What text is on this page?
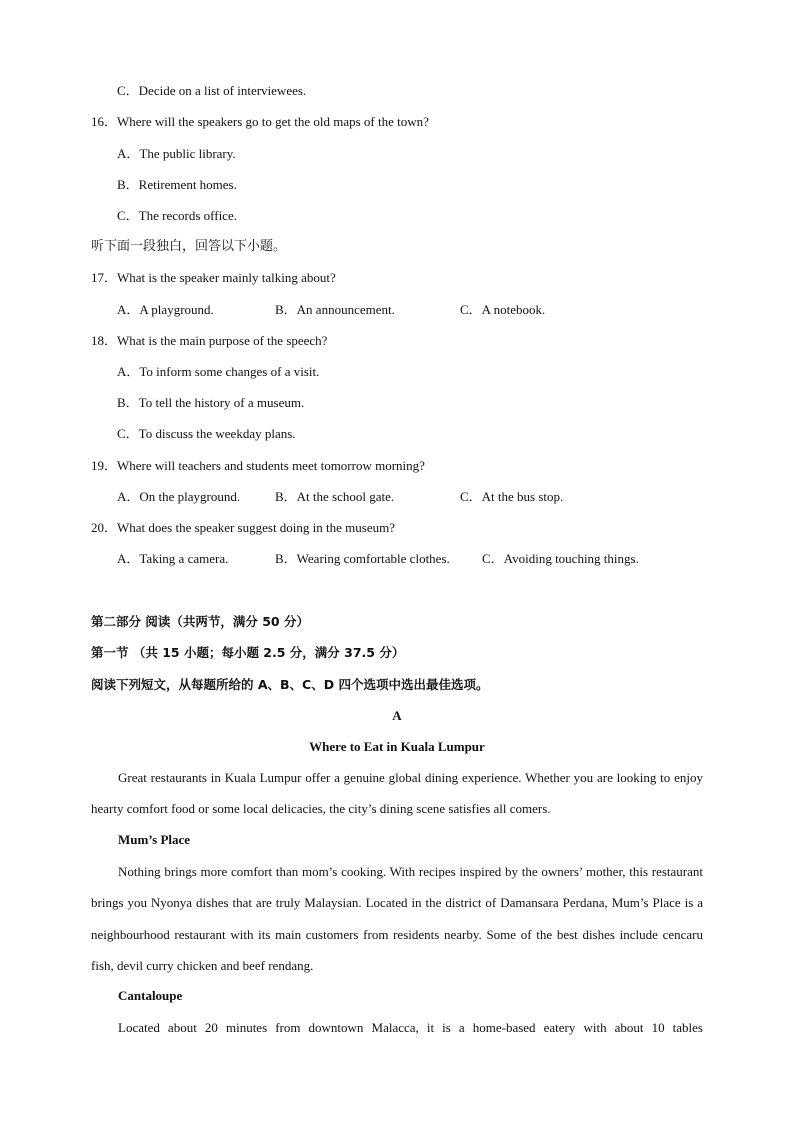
C．Decide on a list of interviewees.
16．Where will the speakers go to get the old maps of the town?
A．The public library.
B．Retirement homes.
C．The records office.
听下面一段独白，回答以下小题。
17．What is the speaker mainly talking about?
A．A playground.	B．An announcement.	C．A notebook.
18．What is the main purpose of the speech?
A．To inform some changes of a visit.
B．To tell the history of a museum.
C．To discuss the weekday plans.
19．Where will teachers and students meet tomorrow morning?
A．On the playground.	B．At the school gate.	C．At the bus stop.
20．What does the speaker suggest doing in the museum?
A．Taking a camera.	B．Wearing comfortable clothes. C．Avoiding touching things.
第二部分 阅读（共两节，满分 50 分）
第一节 （共 15 小题；每小题 2.5 分，满分 37.5 分）
阅读下列短文，从每题所给的 A、B、C、D 四个选项中选出最佳选项。
A
Where to Eat in Kuala Lumpur
Great restaurants in Kuala Lumpur offer a genuine global dining experience. Whether you are looking to enjoy hearty comfort food or some local delicacies, the city’s dining scene satisfies all comers.
Mum’s Place
Nothing brings more comfort than mom’s cooking. With recipes inspired by the owners’ mother, this restaurant brings you Nyonya dishes that are truly Malaysian. Located in the district of Damansara Perdana, Mum’s Place is a neighbourhood restaurant with its main customers from residents nearby. Some of the best dishes include cencaru fish, devil curry chicken and beef rendang.
Cantaloupe
Located about 20 minutes from downtown Malacca, it is a home-based eatery with about 10 tables
